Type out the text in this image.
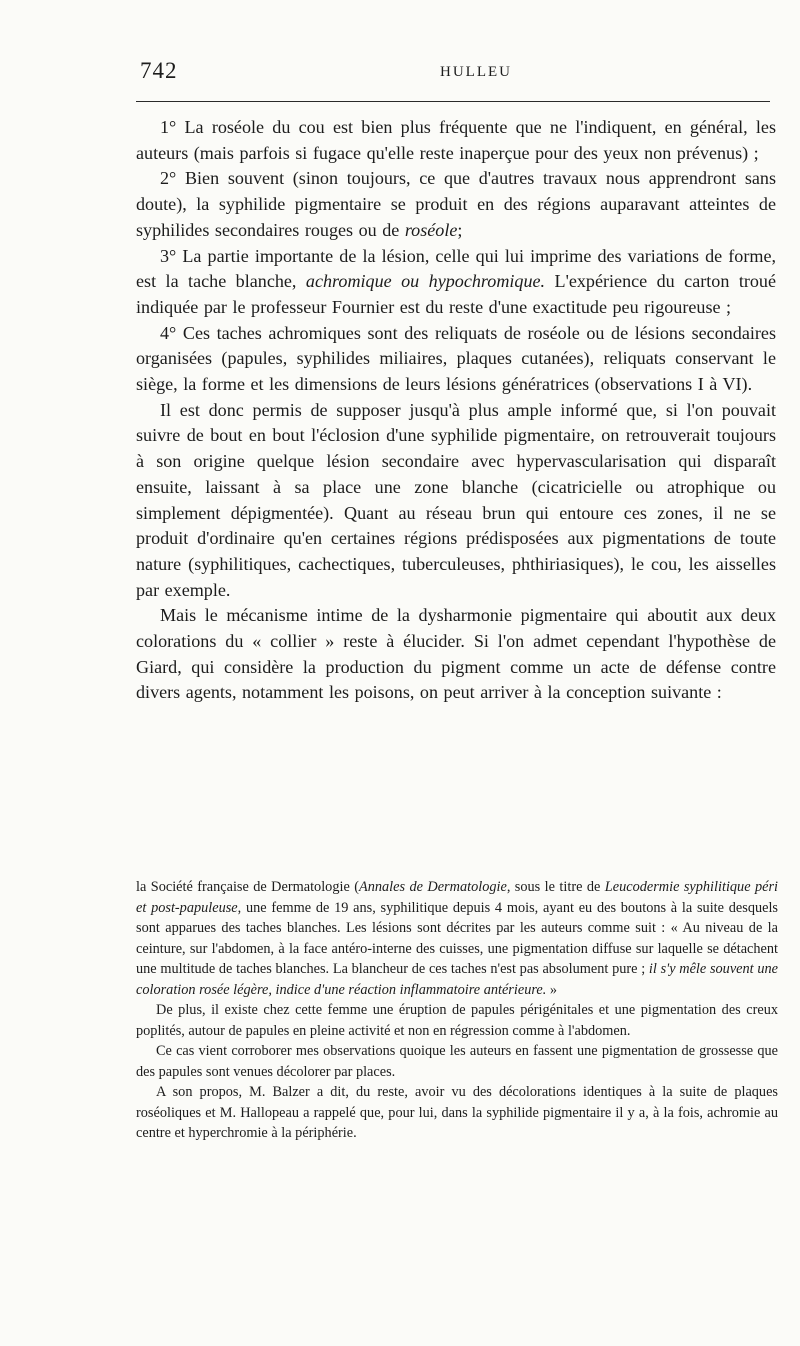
742	HULLEU

1° La roséole du cou est bien plus fréquente que ne l'indiquent, en général, les auteurs (mais parfois si fugace qu'elle reste inaperçue pour des yeux non prévenus) ;

2° Bien souvent (sinon toujours, ce que d'autres travaux nous apprendront sans doute), la syphilide pigmentaire se produit en des régions auparavant atteintes de syphilides secondaires rouges ou de roséole;

3° La partie importante de la lésion, celle qui lui imprime des variations de forme, est la tache blanche, achromique ou hypochromique. L'expérience du carton troué indiquée par le professeur Fournier est du reste d'une exactitude peu rigoureuse ;

4° Ces taches achromiques sont des reliquats de roséole ou de lésions secondaires organisées (papules, syphilides miliaires, plaques cutanées), reliquats conservant le siège, la forme et les dimensions de leurs lésions génératrices (observations I à VI).

Il est donc permis de supposer jusqu'à plus ample informé que, si l'on pouvait suivre de bout en bout l'éclosion d'une syphilide pigmentaire, on retrouverait toujours à son origine quelque lésion secondaire avec hypervascularisation qui disparaît ensuite, laissant à sa place une zone blanche (cicatricielle ou atrophique ou simplement dépigmentée). Quant au réseau brun qui entoure ces zones, il ne se produit d'ordinaire qu'en certaines régions prédisposées aux pigmentations de toute nature (syphilitiques, cachectiques, tuberculeuses, phthiriasiques), le cou, les aisselles par exemple.

Mais le mécanisme intime de la dysharmonie pigmentaire qui aboutit aux deux colorations du « collier » reste à élucider. Si l'on admet cependant l'hypothèse de Giard, qui considère la production du pigment comme un acte de défense contre divers agents, notamment les poisons, on peut arriver à la conception suivante :

la Société française de Dermatologie (Annales de Dermatologie, sous le titre de Leucodermie syphilitique péri et post-papuleuse, une femme de 19 ans, syphilitique depuis 4 mois, ayant eu des boutons à la suite desquels sont apparues des taches blanches. Les lésions sont décrites par les auteurs comme suit : « Au niveau de la ceinture, sur l'abdomen, à la face antéro-interne des cuisses, une pigmentation diffuse sur laquelle se détachent une multitude de taches blanches. La blancheur de ces taches n'est pas absolument pure ; il s'y mêle souvent une coloration rosée légère, indice d'une réaction inflammatoire antérieure. »

De plus, il existe chez cette femme une éruption de papules périgénitales et une pigmentation des creux poplités, autour de papules en pleine activité et non en régression comme à l'abdomen.

Ce cas vient corroborer mes observations quoique les auteurs en fassent une pigmentation de grossesse que des papules sont venues décolorer par places.

A son propos, M. Balzer a dit, du reste, avoir vu des décolorations identiques à la suite de plaques roséoliques et M. Hallopeau a rappelé que, pour lui, dans la syphilide pigmentaire il y a, à la fois, achromie au centre et hyperchromie à la périphérie.
